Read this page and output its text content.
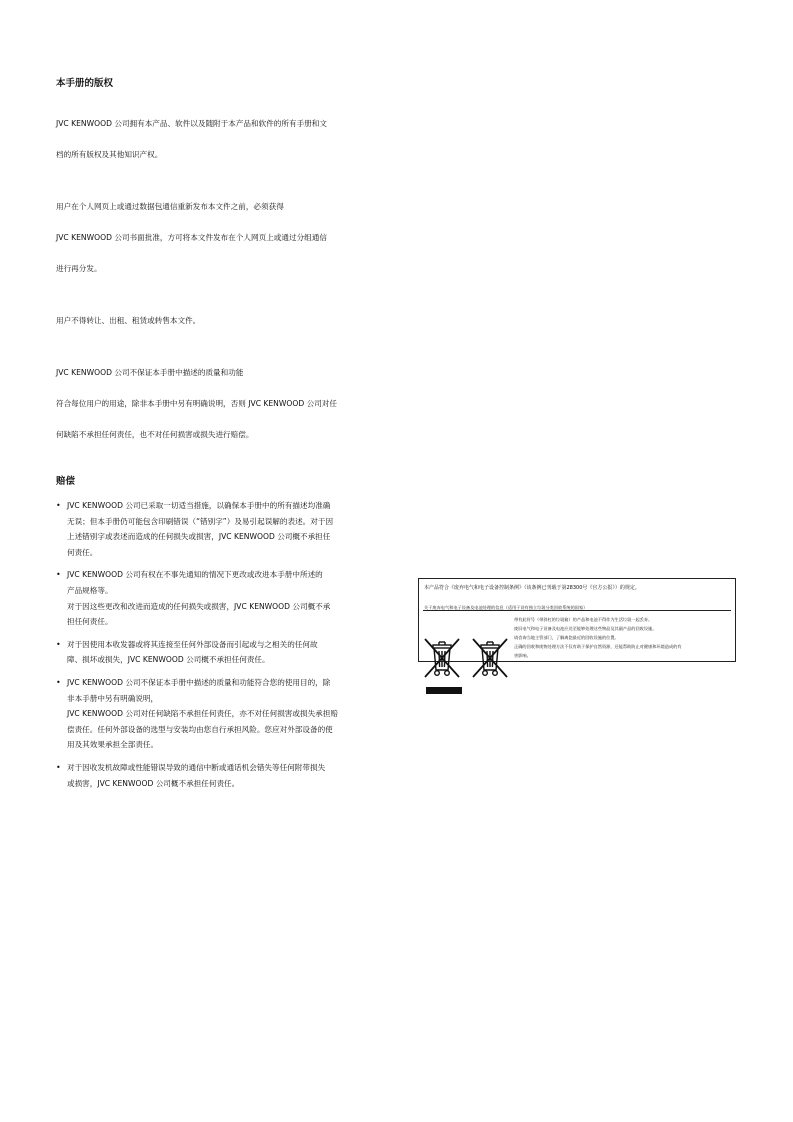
本手册的版权

JVC KENWOOD 公司拥有本产品、软件以及随附于本产品和软件的所有手册和文

档的所有版权及其他知识产权。

用户在个人网页上或通过数据包通信重新发布本文件之前，必须获得

JVC KENWOOD 公司书面批准，方可将本文件发布在个人网页上或通过分组通信

进行再分发。

用户不得转让、出租、租赁或转售本文件。

JVC KENWOOD 公司不保证本手册中描述的质量和功能

符合每位用户的用途，除非本手册中另有明确说明，否则 JVC KENWOOD 公司对任

何缺陷不承担任何责任，也不对任何损害或损失进行赔偿。

赔偿
• JVC KENWOOD 公司已采取一切适当措施，以确保本手册中的所有描述均准确
无误；但本手册仍可能包含印刷错误（“错别字”）及易引起误解的表述。对于因
上述错别字或表述而造成的任何损失或损害，JVC KENWOOD 公司概不承担任
何责任。
• JVC KENWOOD 公司有权在不事先通知的情况下更改或改进本手册中所述的
产品规格等。
对于因这些更改和改进而造成的任何损失或损害，JVC KENWOOD 公司概不承
担任何责任。
• 对于因使用本收发器或将其连接至任何外部设备而引起或与之相关的任何故
障、损坏或损失，JVC KENWOOD 公司概不承担任何责任。
• JVC KENWOOD 公司不保证本手册中描述的质量和功能符合您的使用目的，除
非本手册中另有明确说明，
JVC KENWOOD 公司对任何缺陷不承担任何责任，亦不对任何损害或损失承担赔
偿责任。任何外部设备的选型与安装均由您自行承担风险。您应对外部设备的使
用及其效果承担全部责任。
• 对于因收发机故障或性能错误导致的通信中断或通话机会错失等任何附带损失
或损害，JVC KENWOOD 公司概不承担任何责任。
本产品符合《废弃电气和电子设备控制条例》（该条例已刊载于第28300号《官方公报》）的规定。
关于废弃电气和电子设备及电池处理的信息（适用于设有独立垃圾分类回收系统的国家）
带有此符号（带斜杠的垃圾箱）的产品和电池不得作为生活垃圾一起丢弃。
废旧电气和电子设备及电池应送至能够处理这些物品及其副产品的回收设施。
请咨询当地主管部门，了解离您最近的回收设施的位置。
正确的回收和废物处理方法不仅有助于保护自然资源，还能帮助防止对健康和环境造成的有
害影响。
